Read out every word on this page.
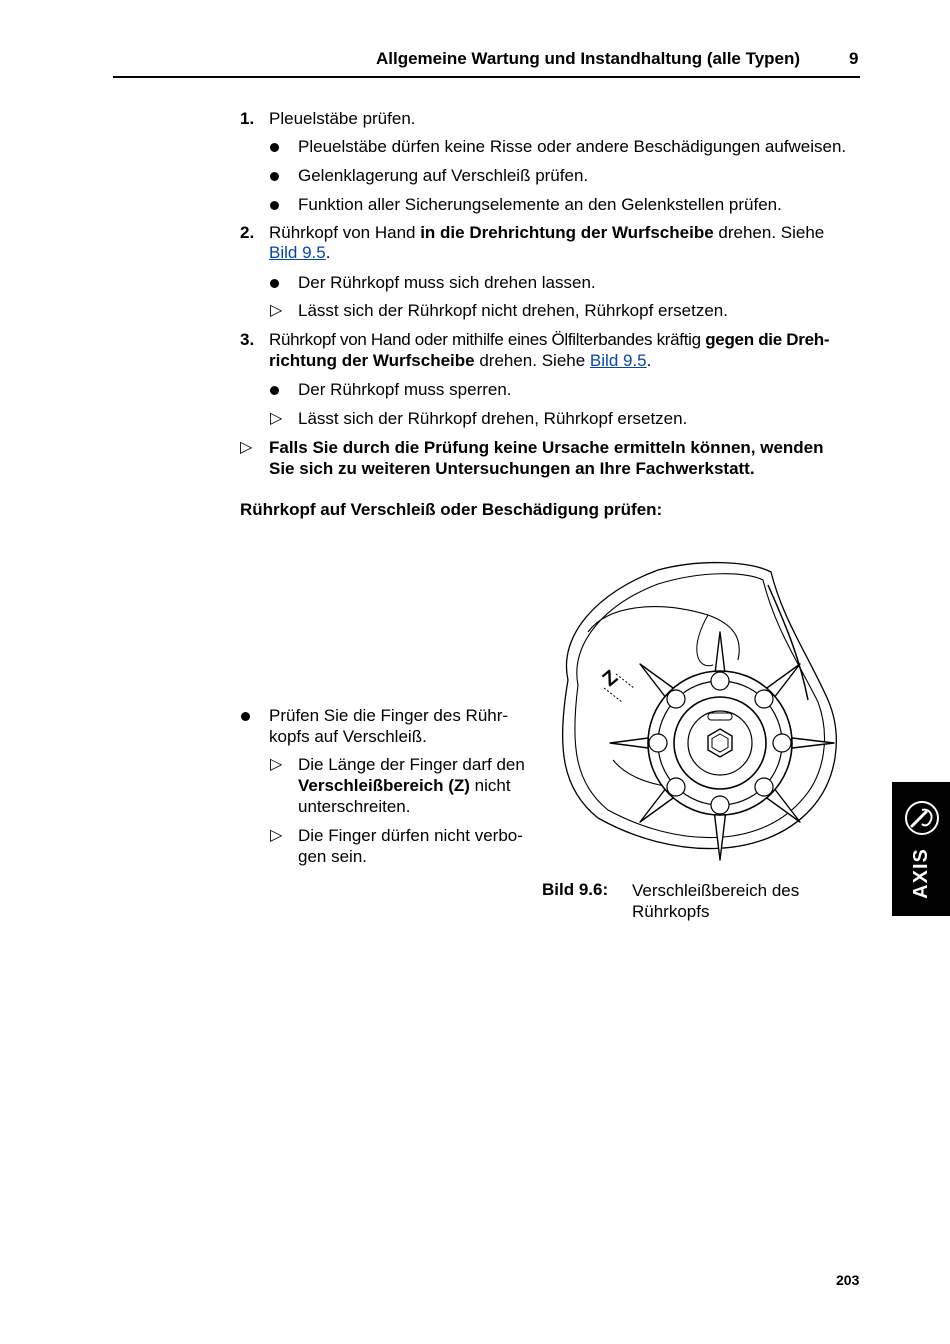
Allgemeine Wartung und Instandhaltung (alle Typen)	9
1. Pleuelstäbe prüfen.
Pleuelstäbe dürfen keine Risse oder andere Beschädigungen aufweisen.
Gelenklagerung auf Verschleiß prüfen.
Funktion aller Sicherungselemente an den Gelenkstellen prüfen.
2. Rührkopf von Hand in die Drehrichtung der Wurfscheibe drehen. Siehe
Bild 9.5.
Der Rührkopf muss sich drehen lassen.
▷ Lässt sich der Rührkopf nicht drehen, Rührkopf ersetzen.
3. Rührkopf von Hand oder mithilfe eines Ölfilterbandes kräftig gegen die Dreh-
richtung der Wurfscheibe drehen. Siehe Bild 9.5.
Der Rührkopf muss sperren.
▷ Lässt sich der Rührkopf drehen, Rührkopf ersetzen.
▷ Falls Sie durch die Prüfung keine Ursache ermitteln können, wenden
Sie sich zu weiteren Untersuchungen an Ihre Fachwerkstatt.
Rührkopf auf Verschleiß oder Beschädigung prüfen:
Prüfen Sie die Finger des Rühr-
kopfs auf Verschleiß.
▷ Die Länge der Finger darf den
Verschleißbereich (Z) nicht
unterschreiten.
▷ Die Finger dürfen nicht verbo-
gen sein.
Z
Bild 9.6: Verschleißbereich des Rührkopfs
AXIS
203
